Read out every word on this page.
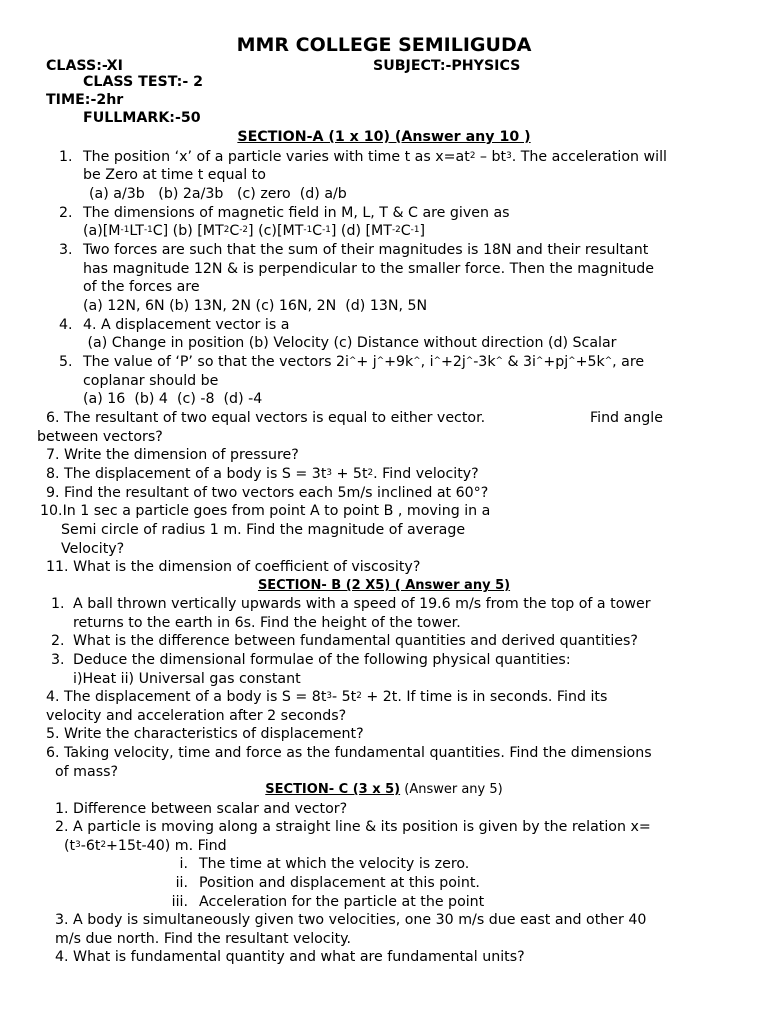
MMR COLLEGE SEMILIGUDA
CLASS:-XI	SUBJECT:-PHYSICS
CLASS TEST:- 2
TIME:-2hr
FULLMARK:-50
SECTION-A (1 x 10) (Answer any 10 )
1. The position ‘x’ of a particle varies with time t as $x=at^2 - bt^3$. The acceleration will
be Zero at time t equal to
(a) a/3b   (b) 2a/3b   (c) zero  (d) a/b
2. The dimensions of magnetic field in M, L, T & C are given as
$(a)[M^{-1}LT^{-1}C]$ (b) $[MT^2C^{-2}]$ $(c)[MT^{-1}C^{-1}]$ (d) $[MT^{-2}C^{-1}]$
3. Two forces are such that the sum of their magnitudes is 18N and their resultant
has magnitude 12N & is perpendicular to the smaller force. Then the magnitude
of the forces are
(a) 12N, 6N (b) 13N, 2N (c) 16N, 2N  (d) 13N, 5N
4. 4. A displacement vector is a
(a) Change in position (b) Velocity (c) Distance without direction (d) Scalar
5. The value of ‘P’ so that the vectors 2i^+ j^+9k^, i^+2j^-3k^ & 3i^+pj^+5k^, are
coplanar should be
(a) 16  (b) 4  (c) -8  (d) -4
6. The resultant of two equal vectors is equal to either vector.	Find angle
between vectors?
7. Write the dimension of pressure?
8. The displacement of a body is $S = 3t^3 + 5t^2$. Find velocity?
9. Find the resultant of two vectors each 5m/s inclined at 60°?
10.In 1 sec a particle goes from point A to point B , moving in a
Semi circle of radius 1 m. Find the magnitude of average
Velocity?
11. What is the dimension of coefficient of viscosity?
SECTION- B (2 X5) ( Answer any 5)
1. A ball thrown vertically upwards with a speed of 19.6 m/s from the top of a tower
returns to the earth in 6s. Find the height of the tower.
2. What is the difference between fundamental quantities and derived quantities?
3. Deduce the dimensional formulae of the following physical quantities:
i)Heat ii) Universal gas constant
4. The displacement of a body is $S = 8t^3-$ $5t^2 + 2t$. If time is in seconds. Find its
velocity and acceleration after 2 seconds?
5. Write the characteristics of displacement?
6. Taking velocity, time and force as the fundamental quantities. Find the dimensions
of mass?
SECTION- C (3 x 5) (Answer any 5)
1. Difference between scalar and vector?
2. A particle is moving along a straight line & its position is given by the relation x=
$(t^3-6t^2+15t-40)$ m. Find
i. The time at which the velocity is zero.
ii. Position and displacement at this point.
iii. Acceleration for the particle at the point
3. A body is simultaneously given two velocities, one 30 m/s due east and other 40
m/s due north. Find the resultant velocity.
4. What is fundamental quantity and what are fundamental units?
